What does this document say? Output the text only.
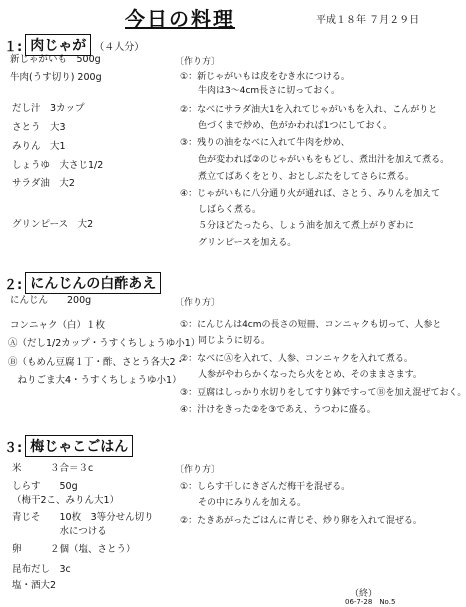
今日の料理	平成１８年 ７月２９日
１: 肉じゃが （４人分）
〔作り方〕
新じゃがいも　500g
牛肉(うす切り) 200g
だし汁　3カップ
さとう　大3
みりん　大1
しょうゆ　大さじ1/2
サラダ油　大2
グリンピース　大2
①：新じゃがいもは皮をむき水につける。
　　牛肉は3〜4cm長さに切っておく。
②：なべにサラダ油大1を入れてじゃがいもを入れ、こんがりと
　　色づくまで炒め、色がかわれば1つにしておく。
③：残りの油をなべに入れて牛肉を炒め、
　　色が変われば②のじゃがいもをもどし、煮出汁を加えて煮る。
　　煮立てばあくをとり、おとしぶたをしてさらに煮る。
④：じゃがいもに八分通り火が通れば、さとう、みりんを加えて
　　しばらく煮る。
　　５分ほどたったら、しょう油を加えて煮上がりぎわに
　　グリンピースを加える。
２: にんじんの白酢あえ
〔作り方〕
にんじん　　200g
コンニャク（白）１枚
Ⓐ（だし1/2カップ・うすくちしょうゆ小1）
Ⓑ（もめん豆腐１丁・酢、さとう各大2・
　ねりごま大4・うすくちしょうゆ小1）
①：にんじんは4cmの長さの短冊、コンニャクも切って、人参と
　　同じように切る。
②：なべにⒶを入れて、人参、コンニャクを入れて煮る。
　　人参がやわらかくなったら火をとめ、そのままさます。
③：豆腐はしっかり水切りをしてすり鉢ですってⒷを加え混ぜておく。
④：汁けをきった②を③であえ、うつわに盛る。
３: 梅じゃこごはん
〔作り方〕
米　　　３合＝３c
しらす　　50g
（梅干2こ、みりん大1）
青じそ　　10枚　3等分せん切り
　　　　　水につける
卵　　　２個（塩、さとう）
昆布だし　3c
塩・酒大2
①：しらす干しにきざんだ梅干を混ぜる。
　　その中にみりんを加える。
②：たきあがったごはんに青じそ、炒り卵を入れて混ぜる。
（終）
06-7-28　No.5
